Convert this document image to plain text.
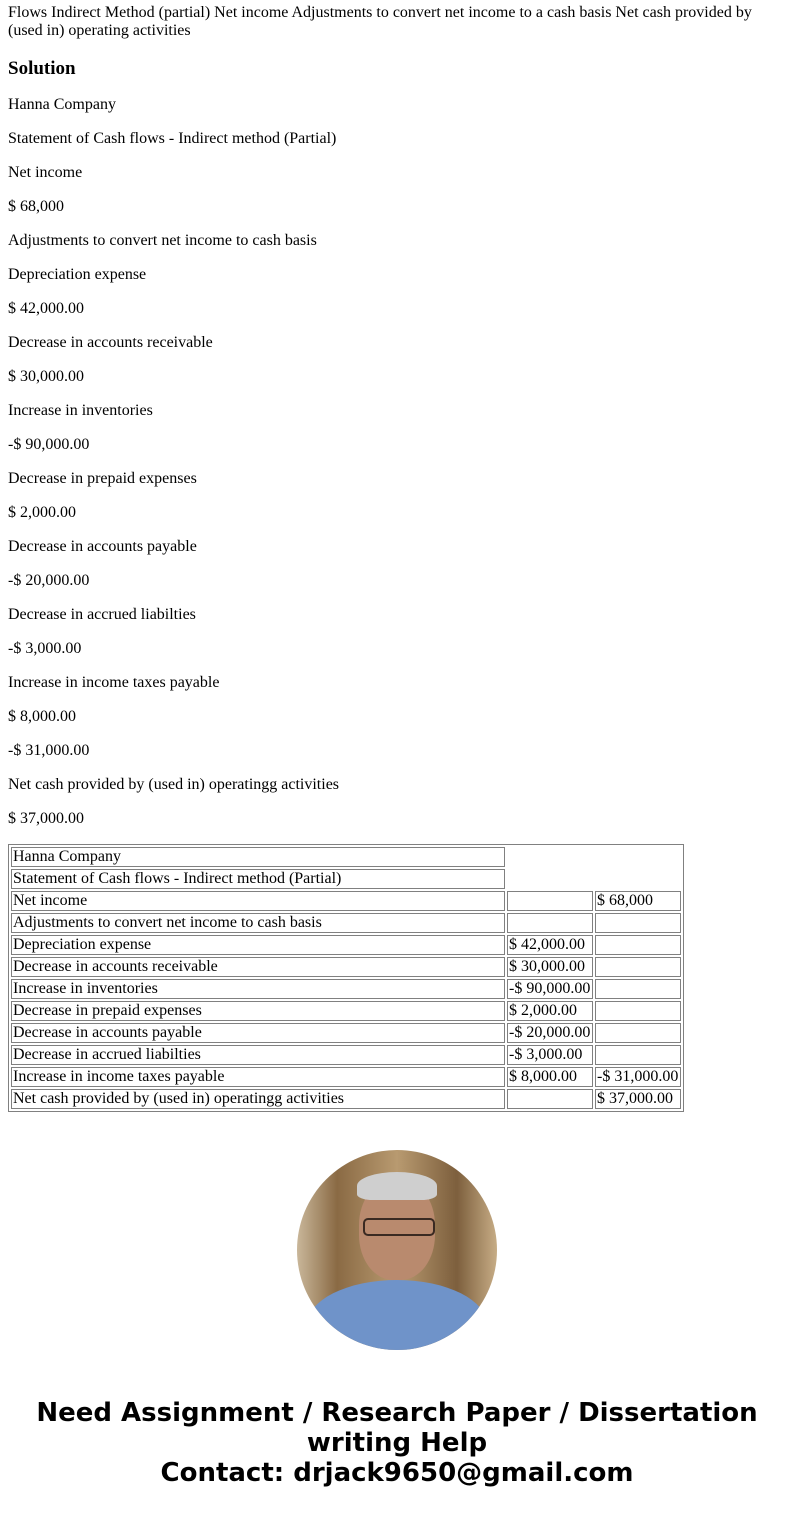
Flows Indirect Method (partial) Net income Adjustments to convert net income to a cash basis Net cash provided by (used in) operating activities

Solution

Hanna Company

Statement of Cash flows - Indirect method (Partial)

Net income

$ 68,000

Adjustments to convert net income to cash basis

Depreciation expense

$ 42,000.00

Decrease in accounts receivable

$ 30,000.00

Increase in inventories

-$ 90,000.00

Decrease in prepaid expenses

$ 2,000.00

Decrease in accounts payable

-$ 20,000.00

Decrease in accrued liabilties

-$ 3,000.00

Increase in income taxes payable

$ 8,000.00

-$ 31,000.00

Net cash provided by (used in) operatingg activities

$ 37,000.00

Hanna Company		
Statement of Cash flows - Indirect method (Partial)		
Net income		$ 68,000
Adjustments to convert net income to cash basis		
Depreciation expense	$ 42,000.00	
Decrease in accounts receivable	$ 30,000.00	
Increase in inventories	-$ 90,000.00	
Decrease in prepaid expenses	$ 2,000.00	
Decrease in accounts payable	-$ 20,000.00	
Decrease in accrued liabilties	-$ 3,000.00	
Increase in income taxes payable	$ 8,000.00	-$ 31,000.00
Net cash provided by (used in) operatingg activities		$ 37,000.00
Need Assignment / Research Paper / Dissertation writing Help
Contact: drjack9650@gmail.com
